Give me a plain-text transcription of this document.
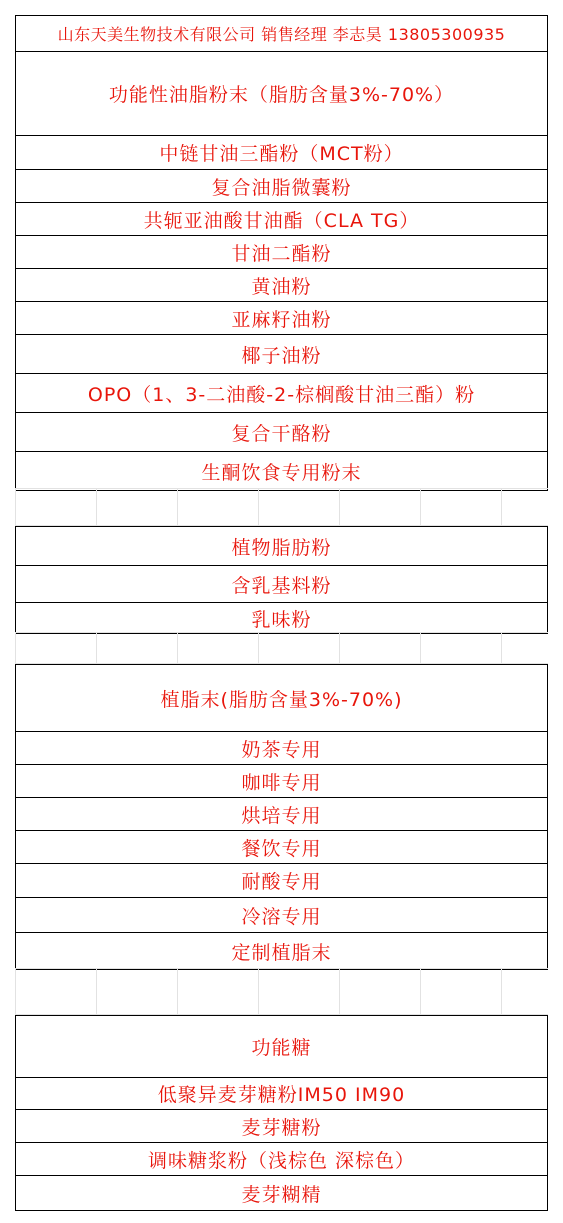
山东天美生物技术有限公司 销售经理 李志昊 13805300935
功能性油脂粉末（脂肪含量3%-70%）
中链甘油三酯粉（MCT粉）
复合油脂微囊粉
共轭亚油酸甘油酯（CLA TG）
甘油二酯粉
黄油粉
亚麻籽油粉
椰子油粉
OPO（1、3-二油酸-2-棕榈酸甘油三酯）粉
复合干酪粉
生酮饮食专用粉末
植物脂肪粉
含乳基料粉
乳味粉
植脂末(脂肪含量3%-70%)
奶茶专用
咖啡专用
烘培专用
餐饮专用
耐酸专用
冷溶专用
定制植脂末
功能糖
低聚异麦芽糖粉IM50 IM90
麦芽糖粉
调味糖浆粉（浅棕色 深棕色）
麦芽糊精
